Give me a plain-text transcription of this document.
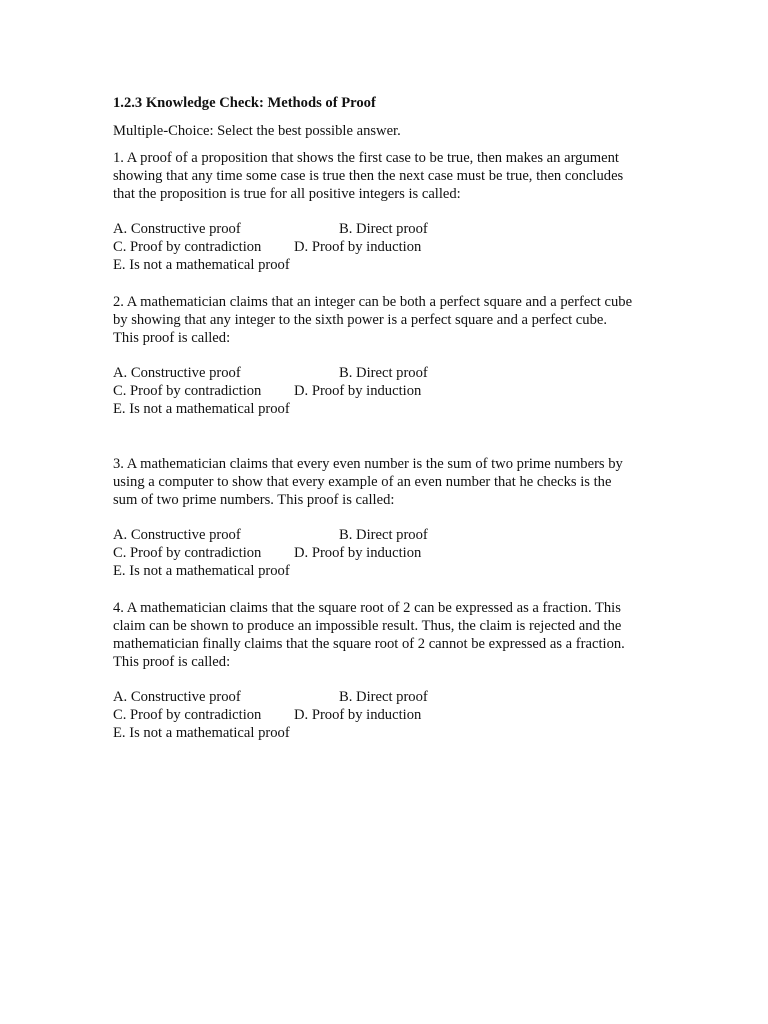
1.2.3 Knowledge Check: Methods of Proof
Multiple-Choice: Select the best possible answer.
1. A proof of a proposition that shows the first case to be true, then makes an argument
showing that any time some case is true then the next case must be true, then concludes
that the proposition is true for all positive integers is called:
A. Constructive proof	B. Direct proof
C. Proof by contradiction D. Proof by induction
E. Is not a mathematical proof
2. A mathematician claims that an integer can be both a perfect square and a perfect cube
by showing that any integer to the sixth power is a perfect square and a perfect cube.
This proof is called:
A. Constructive proof	B. Direct proof
C. Proof by contradiction D. Proof by induction
E. Is not a mathematical proof
3. A mathematician claims that every even number is the sum of two prime numbers by
using a computer to show that every example of an even number that he checks is the
sum of two prime numbers. This proof is called:
A. Constructive proof	B. Direct proof
C. Proof by contradiction D. Proof by induction
E. Is not a mathematical proof
4. A mathematician claims that the square root of 2 can be expressed as a fraction. This
claim can be shown to produce an impossible result. Thus, the claim is rejected and the
mathematician finally claims that the square root of 2 cannot be expressed as a fraction.
This proof is called:
A. Constructive proof	B. Direct proof
C. Proof by contradiction D. Proof by induction
E. Is not a mathematical proof
